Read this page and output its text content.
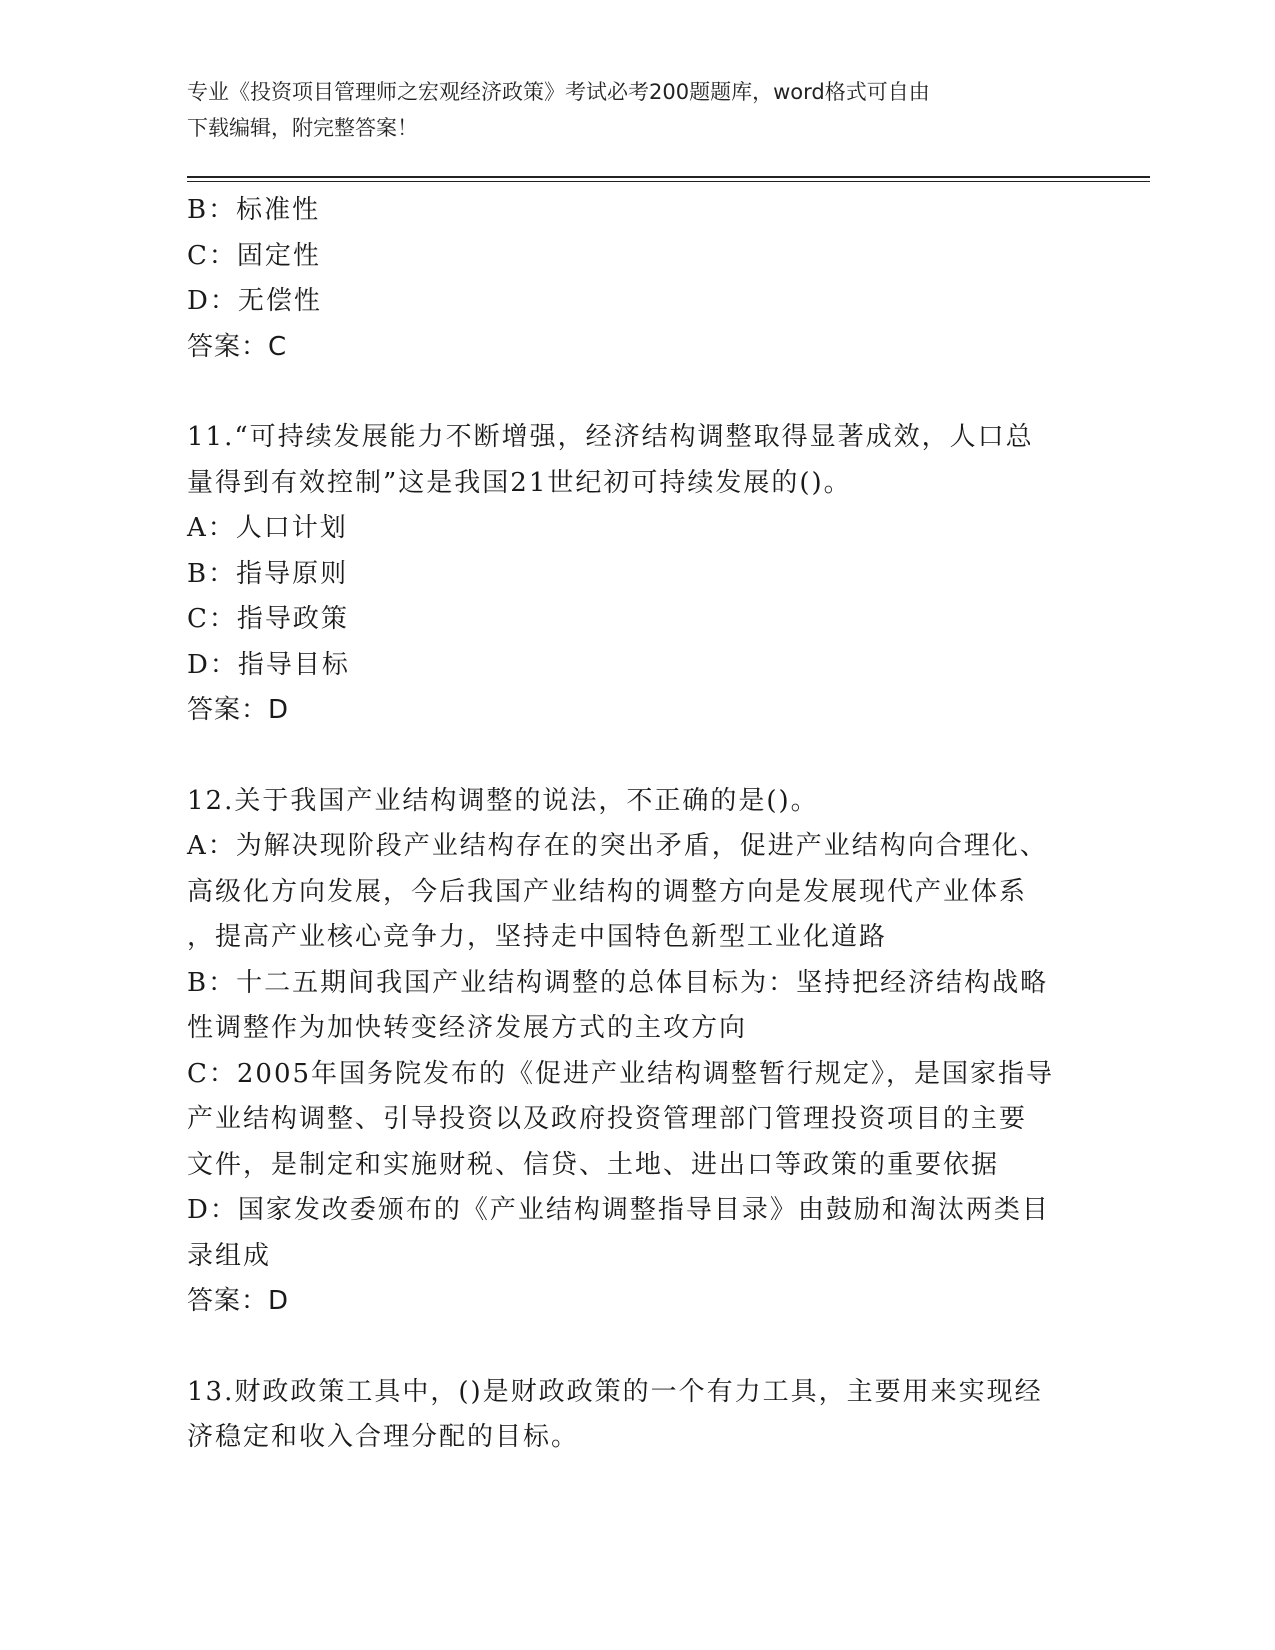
专业《投资项目管理师之宏观经济政策》考试必考200题题库，word格式可自由
下载编辑，附完整答案！
B：标准性
C：固定性
D：无偿性
答案：C
11.“可持续发展能力不断增强，经济结构调整取得显著成效，人口总
量得到有效控制”这是我国21世纪初可持续发展的()。
A：人口计划
B：指导原则
C：指导政策
D：指导目标
答案：D
12.关于我国产业结构调整的说法，不正确的是()。
A：为解决现阶段产业结构存在的突出矛盾，促进产业结构向合理化、
高级化方向发展，今后我国产业结构的调整方向是发展现代产业体系
，提高产业核心竞争力，坚持走中国特色新型工业化道路
B：十二五期间我国产业结构调整的总体目标为：坚持把经济结构战略
性调整作为加快转变经济发展方式的主攻方向
C：2005年国务院发布的《促进产业结构调整暂行规定》，是国家指导
产业结构调整、引导投资以及政府投资管理部门管理投资项目的主要
文件，是制定和实施财税、信贷、土地、进出口等政策的重要依据
D：国家发改委颁布的《产业结构调整指导目录》由鼓励和淘汰两类目
录组成
答案：D
13.财政政策工具中，()是财政政策的一个有力工具，主要用来实现经
济稳定和收入合理分配的目标。
